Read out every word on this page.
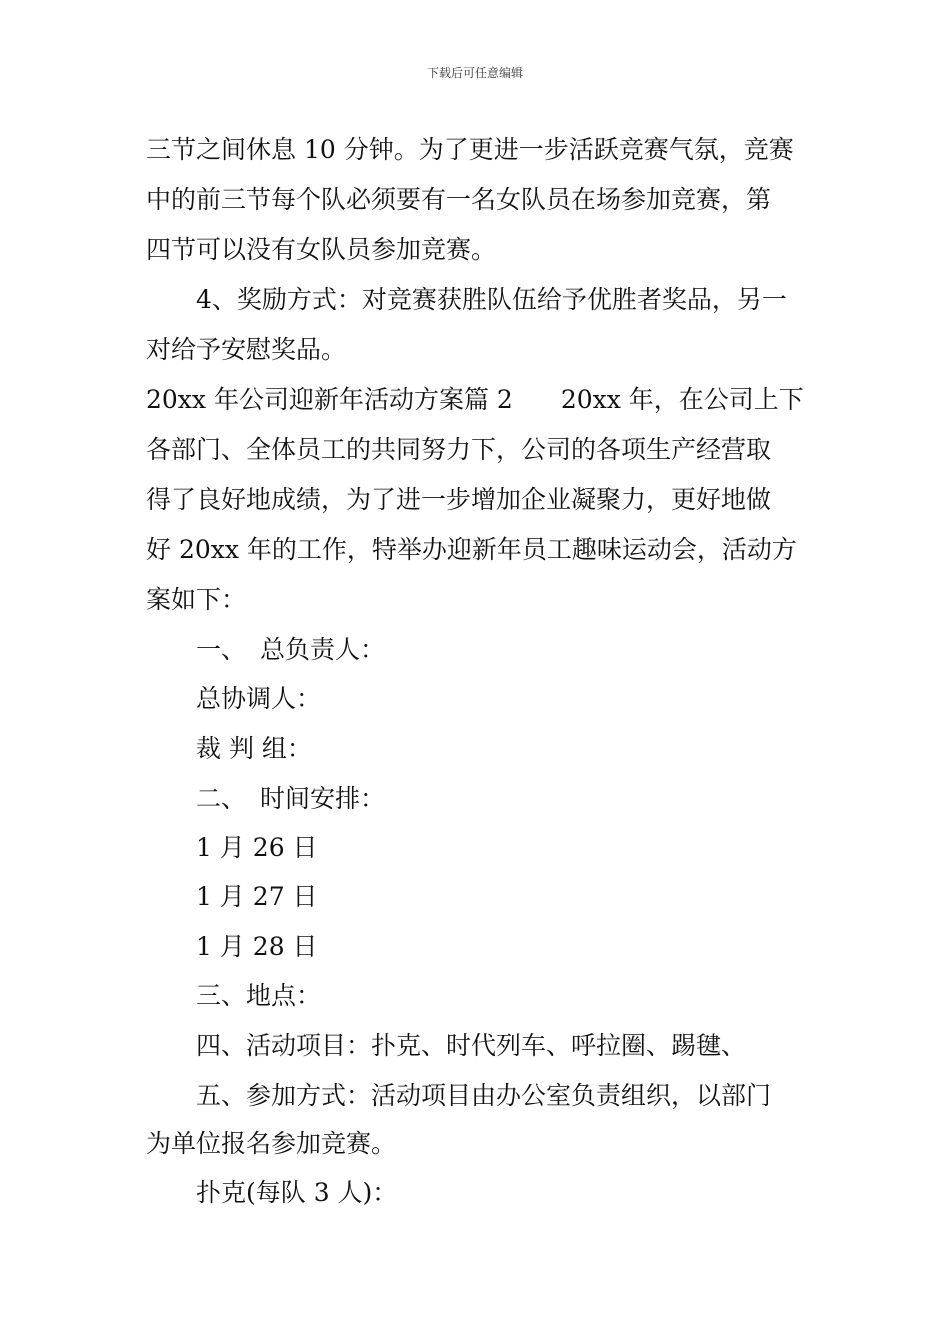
下载后可任意编辑

三节之间休息 10 分钟。为了更进一步活跃竞赛气氛，竞赛

中的前三节每个队必须要有一名女队员在场参加竞赛，第

四节可以没有女队员参加竞赛。

4、奖励方式：对竞赛获胜队伍给予优胜者奖品，另一

对给予安慰奖品。

20xx 年公司迎新年活动方案篇 2 20xx 年，在公司上下

各部门、全体员工的共同努力下，公司的各项生产经营取

得了良好地成绩，为了进一步增加企业凝聚力，更好地做

好 20xx 年的工作，特举办迎新年员工趣味运动会，活动方

案如下：

一、 总负责人：

总协调人：

裁 判 组：

二、 时间安排：

1 月 26 日

1 月 27 日

1 月 28 日

三、地点：

四、活动项目：扑克、时代列车、呼拉圈、踢毽、

五、参加方式：活动项目由办公室负责组织，以部门

为单位报名参加竞赛。

扑克(每队 3 人)：
